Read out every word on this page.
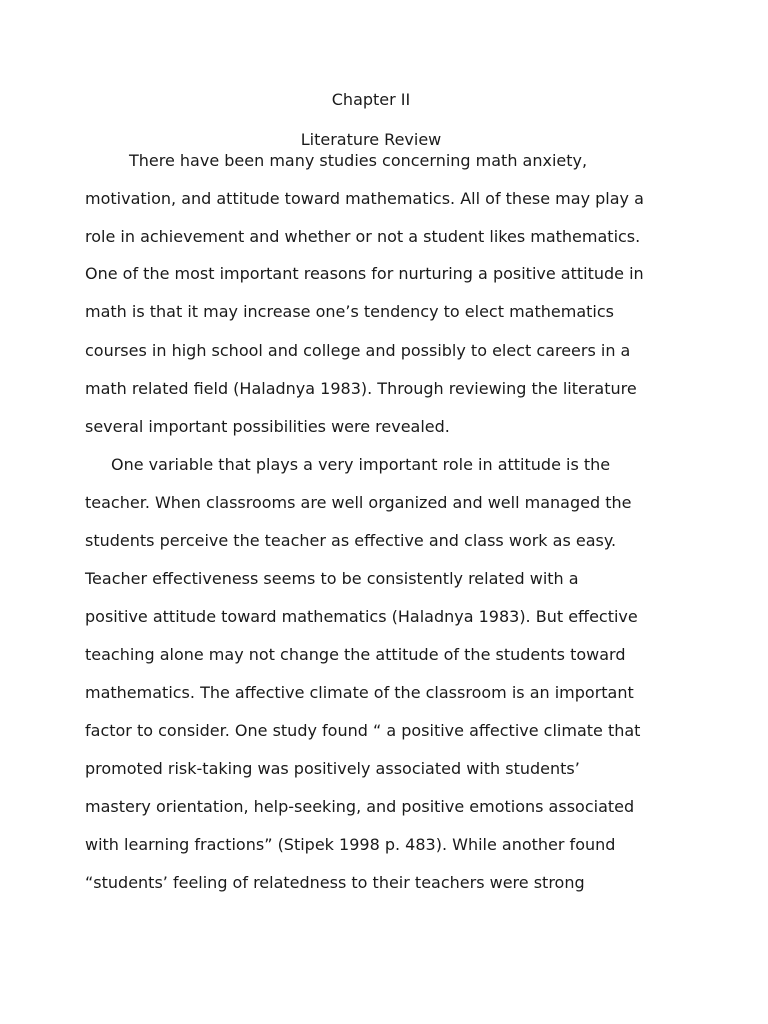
Chapter II
Literature Review

There have been many studies concerning math anxiety,

motivation, and attitude toward mathematics. All of these may play a

role in achievement and whether or not a student likes mathematics.

One of the most important reasons for nurturing a positive attitude in

math is that it may increase one’s tendency to elect mathematics

courses in high school and college and possibly to elect careers in a

math related field (Haladnya 1983). Through reviewing the literature

several important possibilities were revealed.

One variable that plays a very important role in attitude is the

teacher. When classrooms are well organized and well managed the

students perceive the teacher as effective and class work as easy.

Teacher effectiveness seems to be consistently related with a

positive attitude toward mathematics (Haladnya 1983). But effective

teaching alone may not change the attitude of the students toward

mathematics. The affective climate of the classroom is an important

factor to consider. One study found “ a positive affective climate that

promoted risk-taking was positively associated with students’

mastery orientation, help-seeking, and positive emotions associated

with learning fractions” (Stipek 1998 p. 483). While another found

“students’ feeling of relatedness to their teachers were strong
